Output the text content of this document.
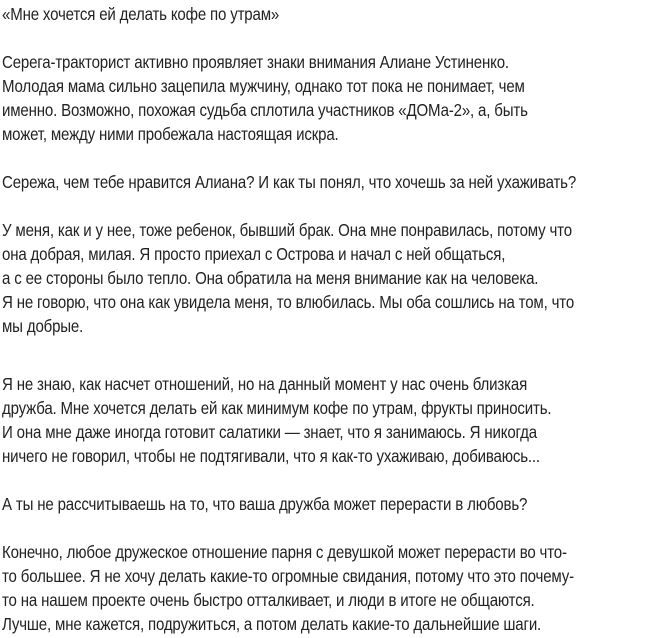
«Мне хочется ей делать кофе по утрам»
Серега-тракторист активно проявляет знаки внимания Алиане Устиненко.
Молодая мама сильно зацепила мужчину, однако тот пока не понимает, чем
именно. Возможно, похожая судьба сплотила участников «ДОМа-2», а, быть
может, между ними пробежала настоящая искра.
Сережа, чем тебе нравится Алиана? И как ты понял, что хочешь за ней ухаживать?
У меня, как и у нее, тоже ребенок, бывший брак. Она мне понравилась, потому что
она добрая, милая. Я просто приехал с Острова и начал с ней общаться,
а с ее стороны было тепло. Она обратила на меня внимание как на человека.
Я не говорю, что она как увидела меня, то влюбилась. Мы оба сошлись на том, что
мы добрые.
Я не знаю, как насчет отношений, но на данный момент у нас очень близкая
дружба. Мне хочется делать ей как минимум кофе по утрам, фрукты приносить.
И она мне даже иногда готовит салатики — знает, что я занимаюсь. Я никогда
ничего не говорил, чтобы не подтягивали, что я как-то ухаживаю, добиваюсь...
А ты не рассчитываешь на то, что ваша дружба может перерасти в любовь?
Конечно, любое дружеское отношение парня с девушкой может перерасти во что-
то большее. Я не хочу делать какие-то огромные свидания, потому что это почему-
то на нашем проекте очень быстро отталкивает, и люди в итоге не общаются.
Лучше, мне кажется, подружиться, а потом делать какие-то дальнейшие шаги.
